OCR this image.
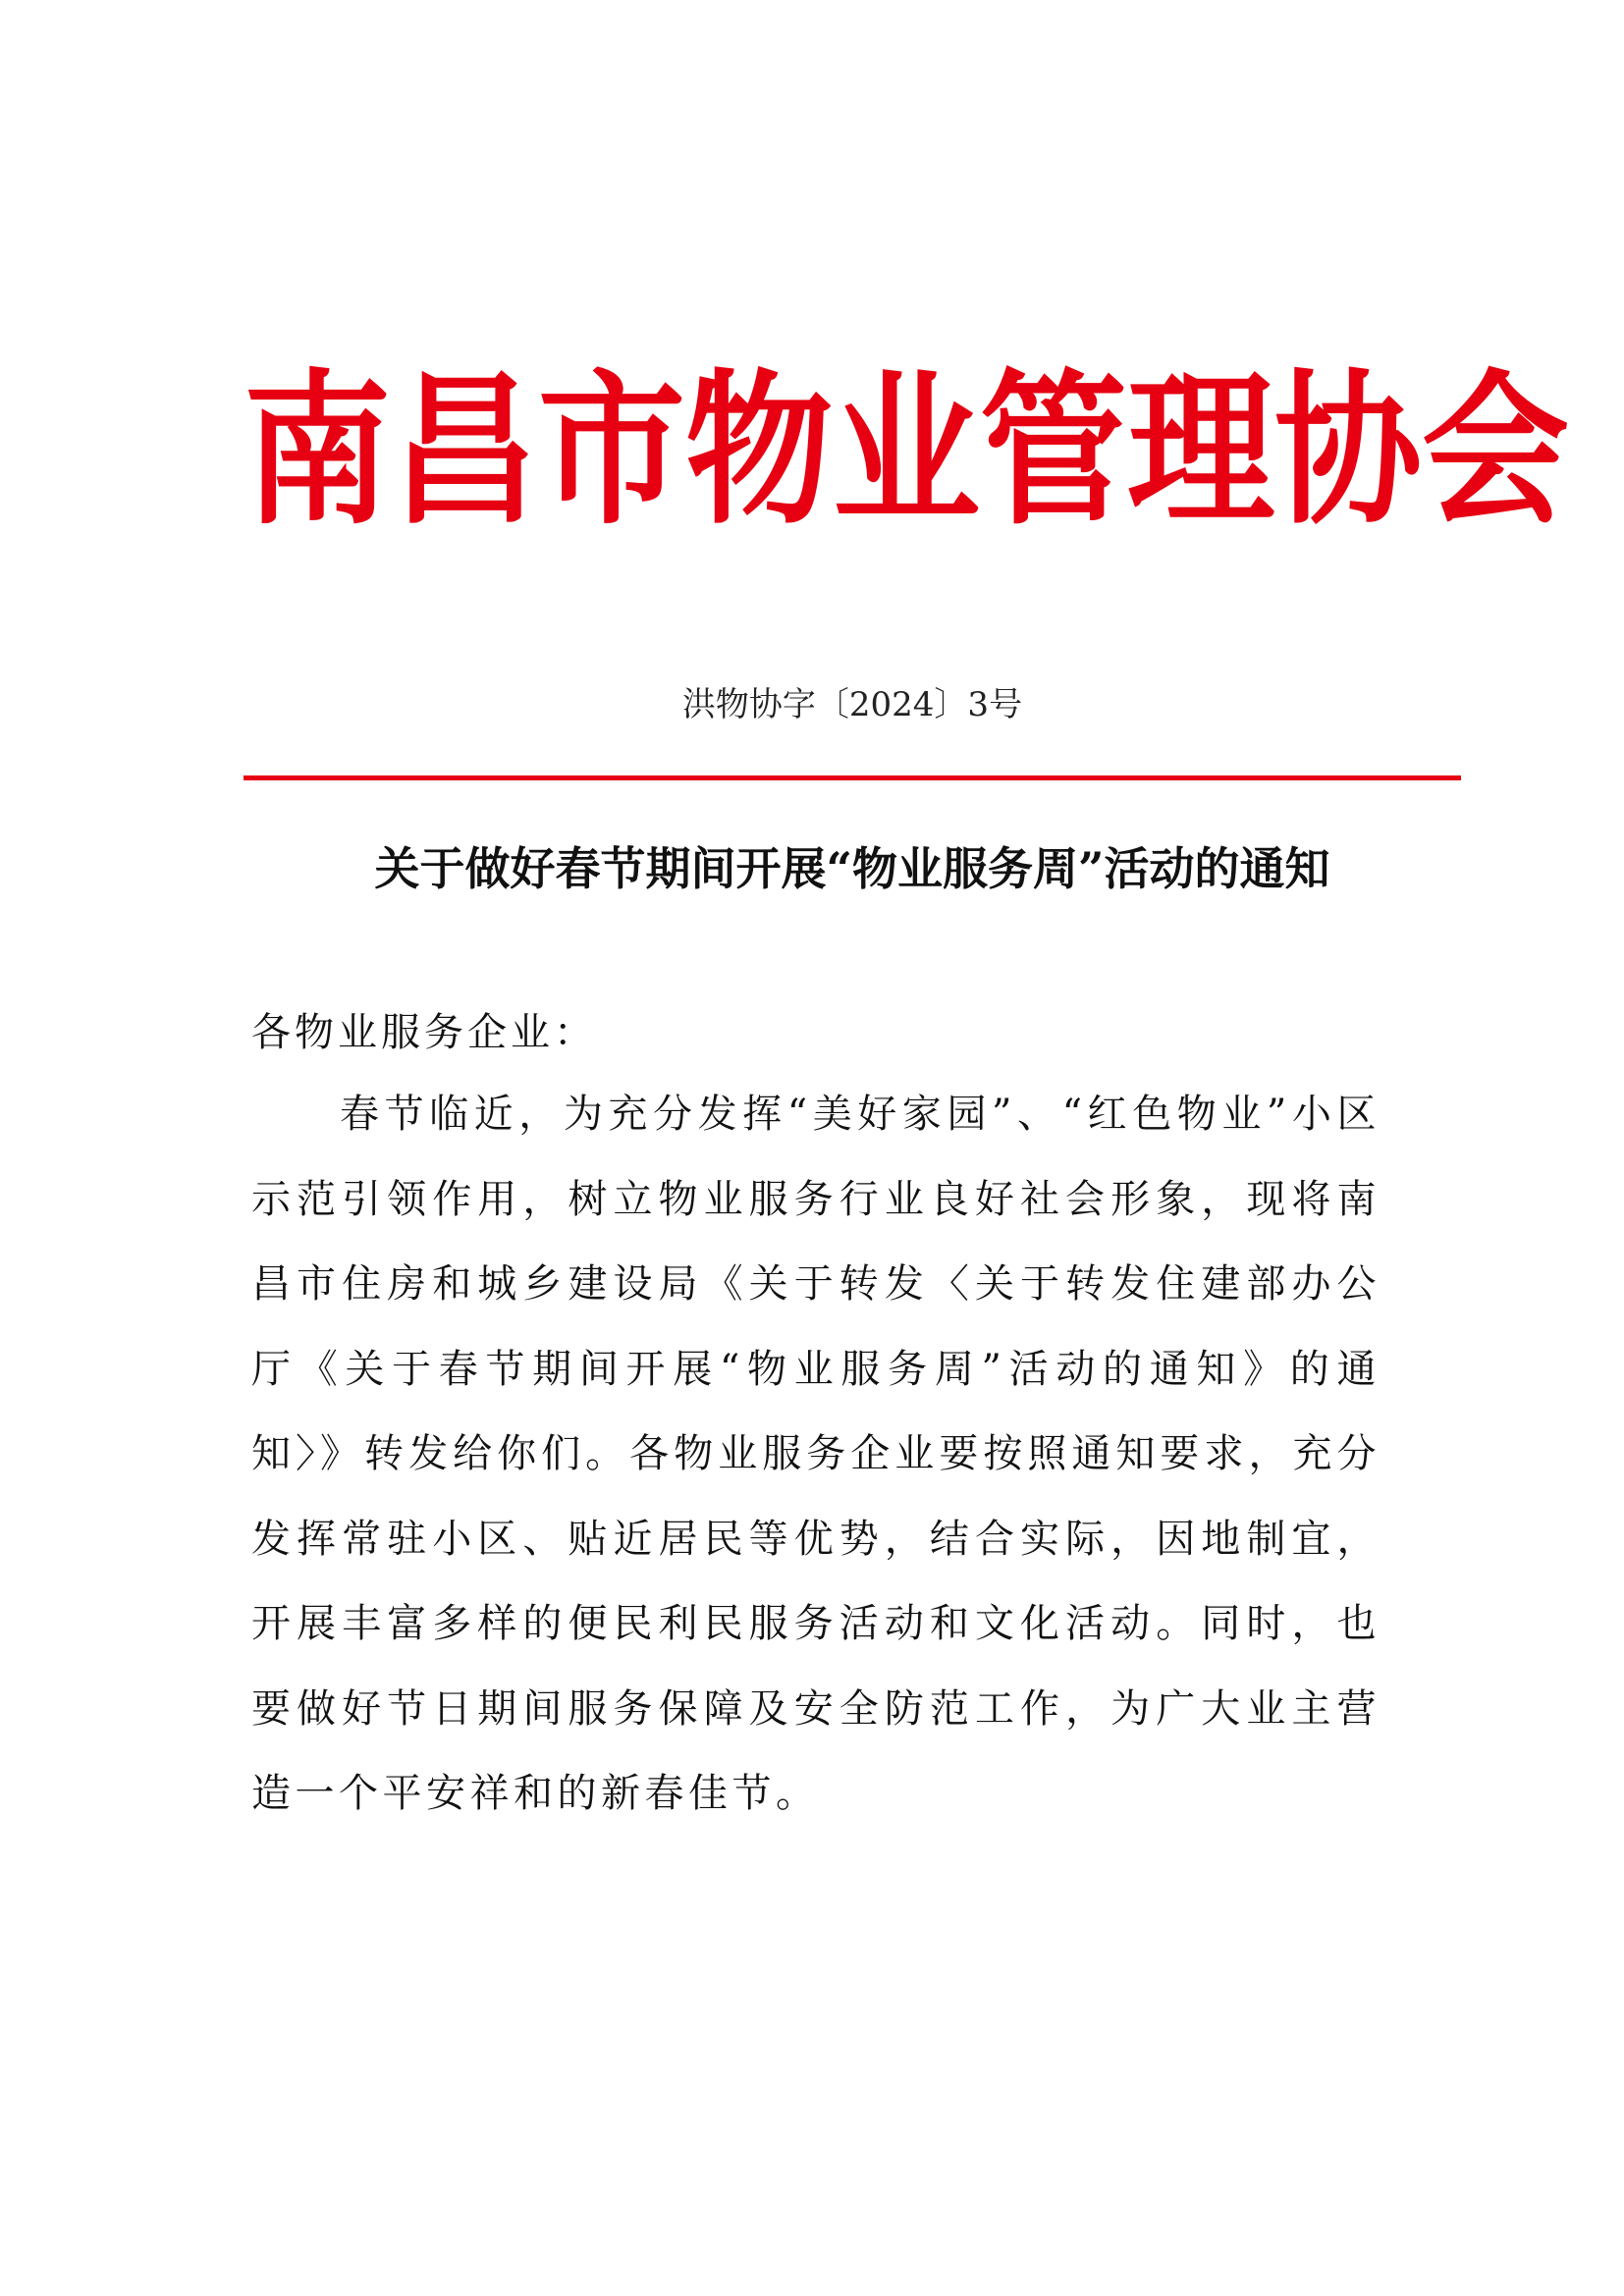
南昌市物业管理协会
洪物协字〔2024〕3号
关于做好春节期间开展“物业服务周”活动的通知
各物业服务企业：

春节临近，为充分发挥“美好家园”、“红色物业”小区示范引领作用，树立物业服务行业良好社会形象，现将南昌市住房和城乡建设局《关于转发〈关于转发住建部办公厅《关于春节期间开展“物业服务周”活动的通知》的通知〉》转发给你们。各物业服务企业要按照通知要求，充分发挥常驻小区、贴近居民等优势，结合实际，因地制宜，开展丰富多样的便民利民服务活动和文化活动。同时，也要做好节日期间服务保障及安全防范工作，为广大业主营造一个平安祥和的新春佳节。
